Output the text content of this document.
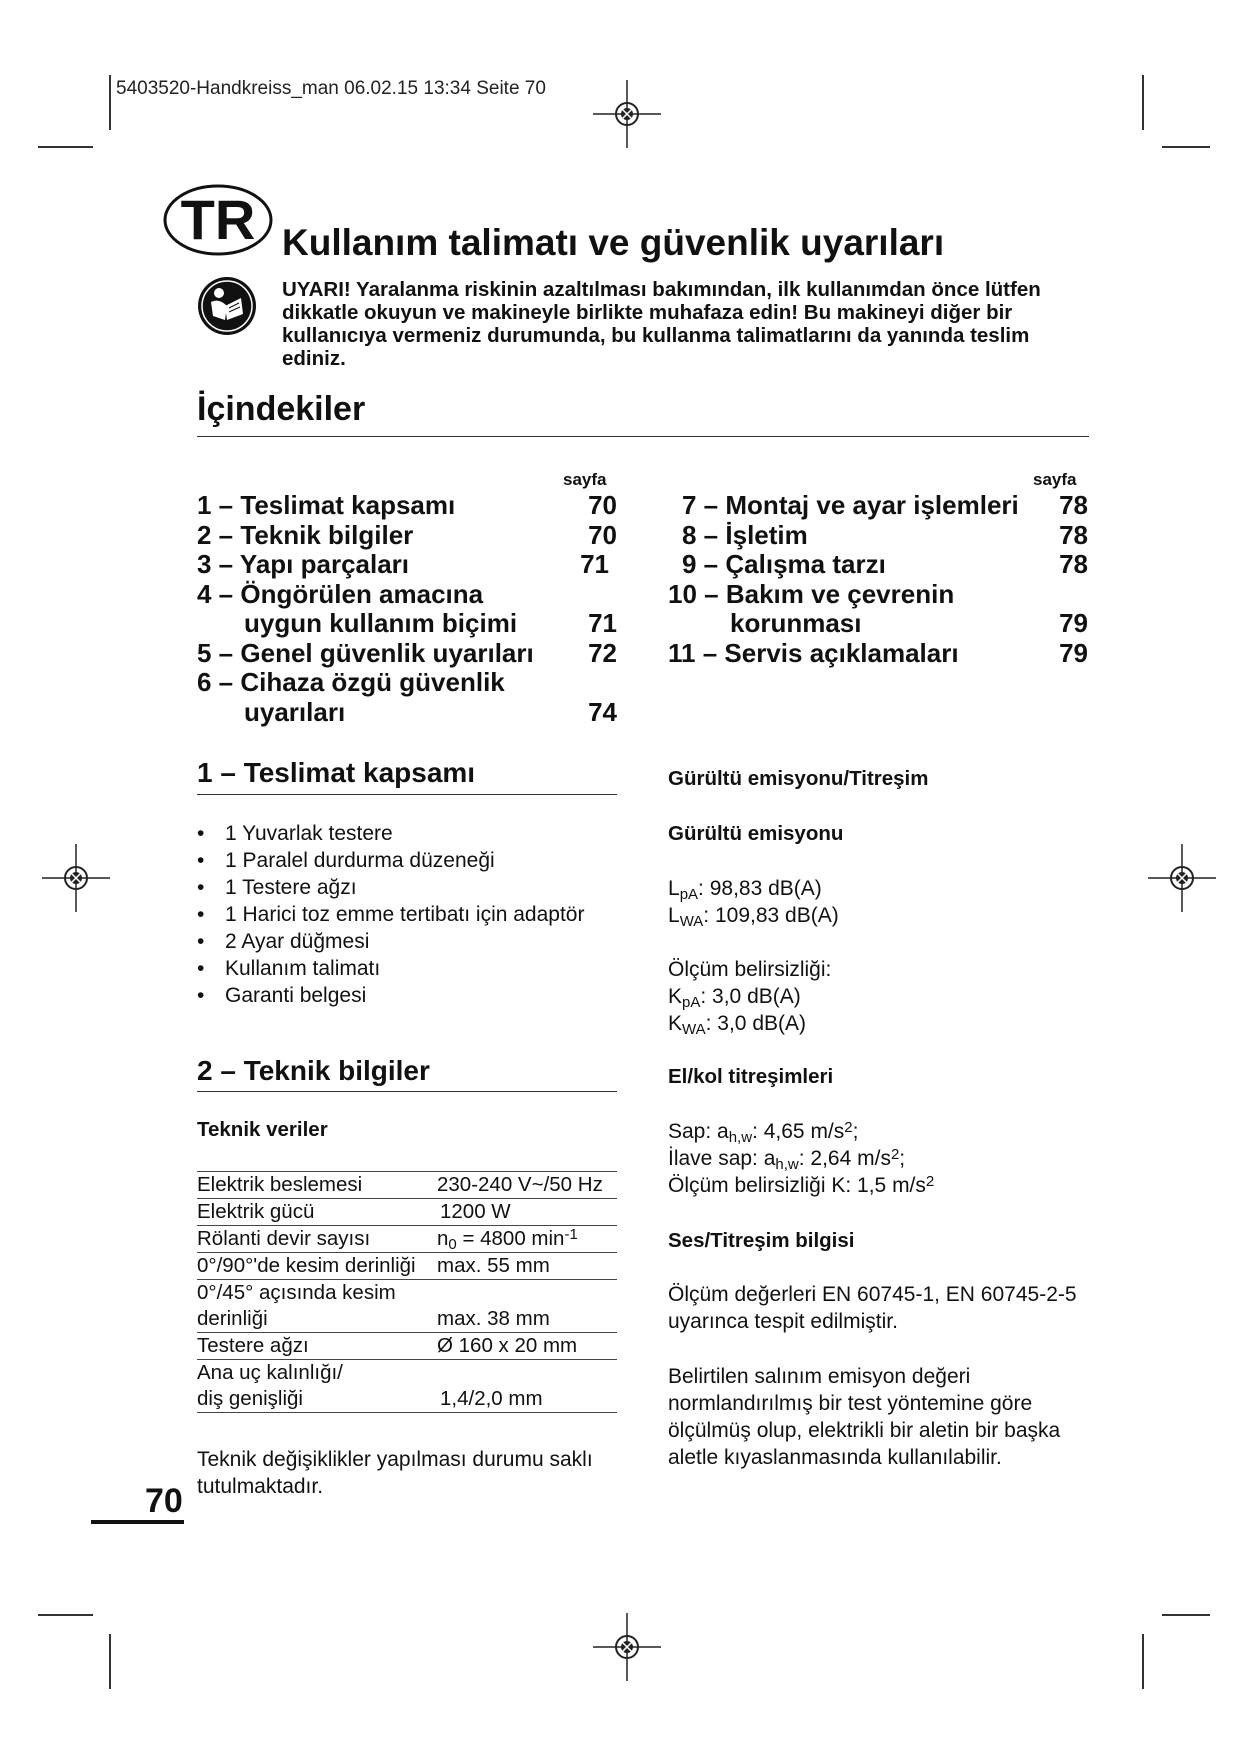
5403520-Handkreiss_man 06.02.15 13:34 Seite 70
TR Kullanım talimatı ve güvenlik uyarıları
UYARI! Yaralanma riskinin azaltılması bakımından, ilk kullanımdan önce lütfen dikkatle okuyun ve makineyle birlikte muhafaza edin! Bu makineyi diğer bir kullanıcıya vermeniz durumunda, bu kullanma talimatlarını da yanında teslim ediniz.
İçindekiler
sayfa	sayfa
1 – Teslimat kapsamı	70
2 – Teknik bilgiler	70
3 – Yapı parçaları	71
4 – Öngörülen amacına
uygun kullanım biçimi	71
5 – Genel güvenlik uyarıları 72
6 – Cihaza özgü güvenlik
uyarıları	74
7 – Montaj ve ayar işlemleri 78
8 – İşletim	78
9 – Çalışma tarzı	78
10 – Bakım ve çevrenin
korunması	79
11 – Servis açıklamaları	79
1 – Teslimat kapsamı
• 1 Yuvarlak testere
• 1 Paralel durdurma düzeneği
• 1 Testere ağzı
• 1 Harici toz emme tertibatı için adaptör
• 2 Ayar düğmesi
• Kullanım talimatı
• Garanti belgesi
2 – Teknik bilgiler
Teknik veriler
Elektrik beslemesi	230-240 V~/50 Hz
Elektrik gücü	1200 W
Rölanti devir sayısı	$n_0 = 4800$ $\min^{-1}$
0°/90°'de kesim derinliği	max. 55 mm
0°/45° açısında kesim
derinliği	max. 38 mm
Testere ağzı	Ø 160 x 20 mm
Ana uç kalınlığı/
diş genişliği	1,4/2,0 mm
Teknik değişiklikler yapılması durumu saklı tutulmaktadır.
Gürültü emisyonu/Titreşim
Gürültü emisyonu
$L_{pA}$: 98,83 dB(A)
$L_{WA}$: 109,83 dB(A)
Ölçüm belirsizliği:
$K_{pA}$: 3,0 dB(A)
$K_{WA}$: 3,0 dB(A)
El/kol titreşimleri
Sap: $a_{h,w}$: 4,65 $m/s^2$;
İlave sap: $a_{h,w}$: 2,64 $m/s^2$;
Ölçüm belirsizliği K: 1,5 $m/s^2$
Ses/Titreşim bilgisi
Ölçüm değerleri EN 60745-1, EN 60745-2-5 uyarınca tespit edilmiştir.
Belirtilen salınım emisyon değeri normlandırılmış bir test yöntemine göre ölçülmüş olup, elektrikli bir aletin bir başka aletle kıyaslanmasında kullanılabilir.
70
